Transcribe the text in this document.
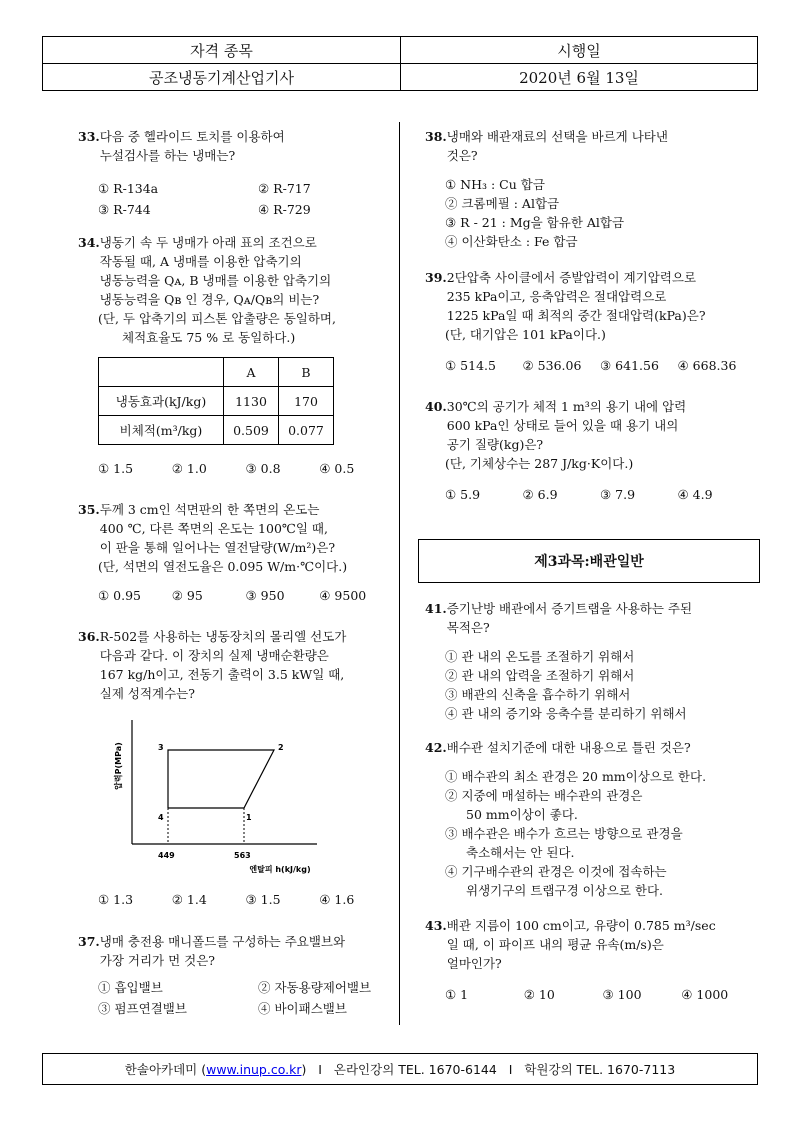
자격 종목	시행일
공조냉동기계산업기사	2020년 6월 13일
33. 다음 중 헬라이드 토치를 이용하여
누설검사를 하는 냉매는?
① R-134a	② R-717
③ R-744	④ R-729
34. 냉동기 속 두 냉매가 아래 표의 조건으로
작동될 때, A 냉매를 이용한 압축기의
냉동능력을 Qᴀ, B 냉매를 이용한 압축기의
냉동능력을 Qʙ 인 경우, Qᴀ/Qʙ의 비는?
(단, 두 압축기의 피스톤 압출량은 동일하며,
체적효율도 75 % 로 동일하다.)
	A	B
냉동효과(kJ/kg)	1130	170
비체적(m³/kg)	0.509	0.077
① 1.5	② 1.0	③ 0.8	④ 0.5
35. 두께 3 cm인 석면판의 한 쪽면의 온도는
400 ℃, 다른 쪽면의 온도는 100℃일 때,
이 판을 통해 일어나는 열전달량(W/m²)은?
(단, 석면의 열전도율은 0.095 W/m·℃이다.)
① 0.95	② 95	③ 950	④ 9500
36. R-502를 사용하는 냉동장치의 몰리엘 선도가
다음과 같다. 이 장치의 실제 냉매순환량은
167 kg/h이고, 전동기 출력이 3.5 kW일 때,
실제 성적계수는?
압력P(MPa)
엔탈피 h(kJ/kg)
3	2
4	1
449	563
① 1.3	② 1.4	③ 1.5	④ 1.6
37. 냉매 충전용 매니폴드를 구성하는 주요밸브와
가장 거리가 먼 것은?
① 흡입밸브	② 자동용량제어밸브
③ 펌프연결밸브	④ 바이패스밸브
38. 냉매와 배관재료의 선택을 바르게 나타낸
것은?
① NH₃ : Cu 합금
② 크롬메필 : Al합금
③ R - 21 : Mg을 함유한 Al합금
④ 이산화탄소 : Fe 합금
39. 2단압축 사이클에서 증발압력이 계기압력으로
235 kPa이고, 응축압력은 절대압력으로
1225 kPa일 때 최적의 중간 절대압력(kPa)은?
(단, 대기압은 101 kPa이다.)
① 514.5	② 536.06	③ 641.56	④ 668.36
40. 30℃의 공기가 체적 1 m³의 용기 내에 압력
600 kPa인 상태로 들어 있을 때 용기 내의
공기 질량(kg)은?
(단, 기체상수는 287 J/kg·K이다.)
① 5.9	② 6.9	③ 7.9	④ 4.9
제3과목:배관일반
41. 증기난방 배관에서 증기트랩을 사용하는 주된
목적은?
① 관 내의 온도를 조절하기 위해서
② 관 내의 압력을 조절하기 위해서
③ 배관의 신축을 흡수하기 위해서
④ 관 내의 증기와 응축수를 분리하기 위해서
42. 배수관 설치기준에 대한 내용으로 틀린 것은?
① 배수관의 최소 관경은 20 mm이상으로 한다.
② 지중에 매설하는 배수관의 관경은
50 mm이상이 좋다.
③ 배수관은 배수가 흐르는 방향으로 관경을
축소해서는 안 된다.
④ 기구배수관의 관경은 이것에 접속하는
위생기구의 트랩구경 이상으로 한다.
43. 배관 지름이 100 cm이고, 유량이 0.785 m³/sec
일 때, 이 파이프 내의 평균 유속(m/s)은
얼마인가?
① 1	② 10	③ 100	④ 1000
한솔아카데미 ( www.inup.co.kr )   I   온라인강의 TEL. 1670-6144   I   학원강의 TEL. 1670-7113
